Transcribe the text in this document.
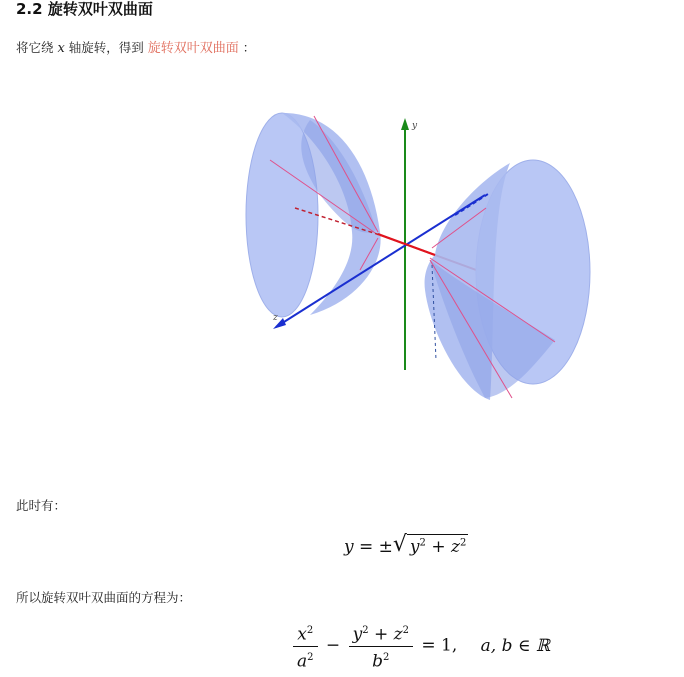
2.2 旋转双叶双曲面
将它绕 x 轴旋转，得到 旋转双叶双曲面 ：
y
z
此时有：
y = ± √ $y^2 + z^2$
所以旋转双叶双曲面的方程为：
$\frac{x^2}{a^2} - \frac{y^2 + z^2}{b^2} = 1$, a, b ∈ ℝ
